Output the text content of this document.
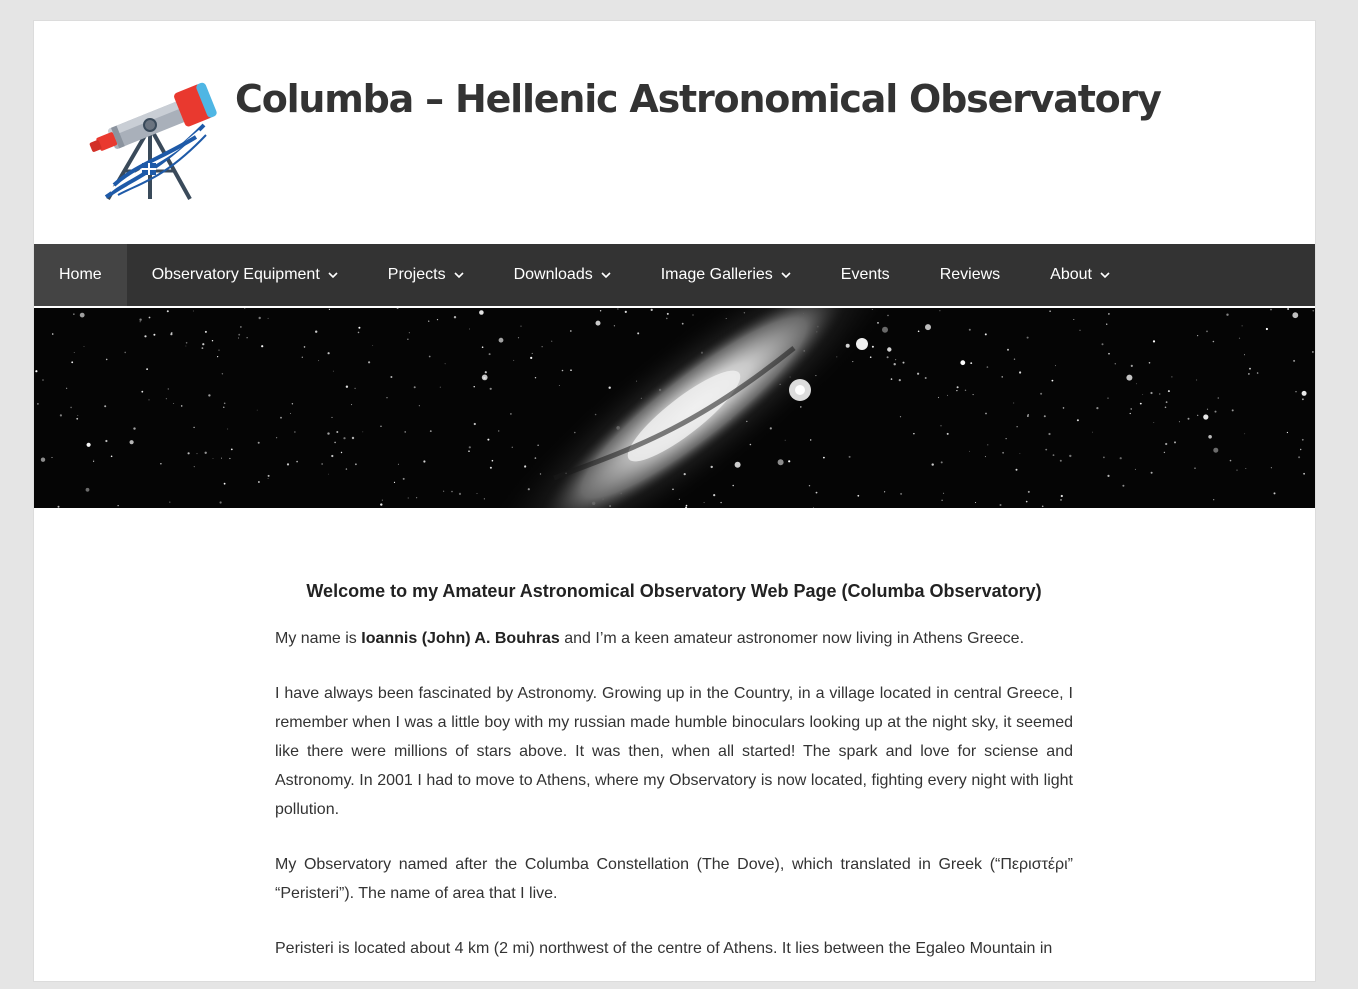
Columba – Hellenic Astronomical Observatory
Home	Observatory Equipment	Projects	Downloads	Image Galleries	Events	Reviews	About
Welcome to my Amateur Astronomical Observatory Web Page (Columba Observatory)

My name is Ioannis (John) A. Bouhras and I’m a keen amateur astronomer now living in Athens Greece.

I have always been fascinated by Astronomy. Growing up in the Country, in a village located in central Greece, I remember when I was a little boy with my russian made humble binoculars looking up at the night sky, it seemed like there were millions of stars above. It was then, when all started! The spark and love for sciense and Astronomy. In 2001 I had to move to Athens, where my Observatory is now located, fighting every night with light pollution.

My Observatory named after the Columba Constellation (The Dove), which translated in Greek (“Περιστέρι” “Peristeri”). The name of area that I live.

Peristeri is located about 4 km (2 mi) northwest of the centre of Athens. It lies between the Egaleo Mountain in
